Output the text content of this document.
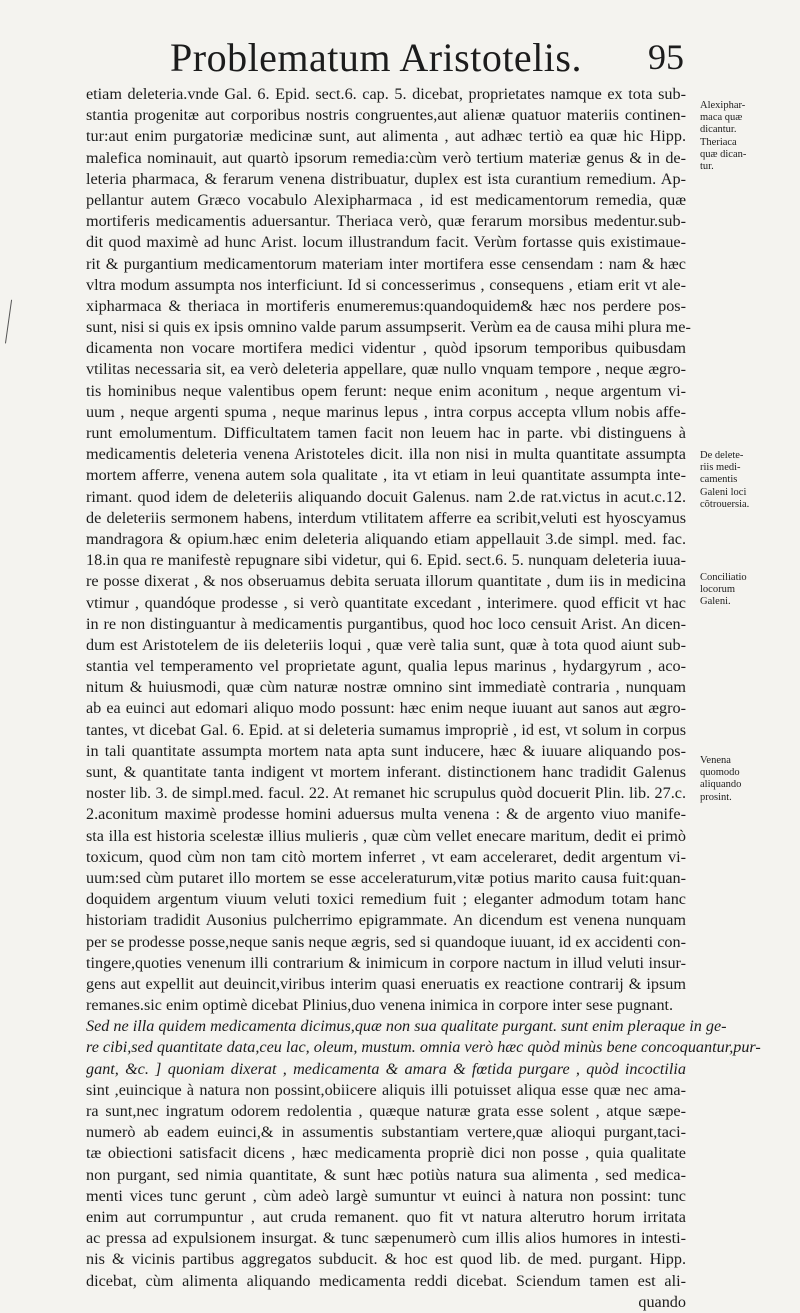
Problematum Aristotelis. 95
etiam deleteria.vnde Gal. 6. Epid. sect.6. cap. 5. dicebat, proprietates namque ex tota sub-
stantia progenitæ aut corporibus nostris congruentes,aut alienæ quatuor materiis continen-
tur:aut enim purgatoriæ medicinæ sunt, aut alimenta , aut adhæc tertiò ea quæ hic Hipp.
malefica nominauit, aut quartò ipsorum remedia:cùm verò tertium materiæ genus & in de-
leteria pharmaca, & ferarum venena distribuatur, duplex est ista curantium remedium. Ap-
pellantur autem Græco vocabulo Alexipharmaca , id est medicamentorum remedia, quæ
mortiferis medicamentis aduersantur. Theriaca verò, quæ ferarum morsibus medentur.sub-
dit quod maximè ad hunc Arist. locum illustrandum facit. Verùm fortasse quis existimaue-
rit & purgantium medicamentorum materiam inter mortifera esse censendam : nam & hæc
vltra modum assumpta nos interficiunt. Id si concesserimus , consequens , etiam erit vt ale-
xipharmaca & theriaca in mortiferis enumeremus:quandoquidem& hæc nos perdere pos-
sunt, nisi si quis ex ipsis omnino valde parum assumpserit. Verùm ea de causa mihi plura me-
dicamenta non vocare mortifera medici videntur , quòd ipsorum temporibus quibusdam
vtilitas necessaria sit, ea verò deleteria appellare, quæ nullo vnquam tempore , neque ægro-
tis hominibus neque valentibus opem ferunt: neque enim aconitum , neque argentum vi-
uum , neque argenti spuma , neque marinus lepus , intra corpus accepta vllum nobis affe-
runt emolumentum. Difficultatem tamen facit non leuem hac in parte. vbi distinguens à
medicamentis deleteria venena Aristoteles dicit. illa non nisi in multa quantitate assumpta
mortem afferre, venena autem sola qualitate , ita vt etiam in leui quantitate assumpta inte-
rimant. quod idem de deleteriis aliquando docuit Galenus. nam 2.de rat.victus in acut.c.12.
de deleteriis sermonem habens, interdum vtilitatem afferre ea scribit,veluti est hyoscyamus
mandragora & opium.hæc enim deleteria aliquando etiam appellauit 3.de simpl. med. fac.
18.in qua re manifestè repugnare sibi videtur, qui 6. Epid. sect.6. 5. nunquam deleteria iuua-
re posse dixerat , & nos obseruamus debita seruata illorum quantitate , dum iis in medicina
vtimur , quandóque prodesse , si verò quantitate excedant , interimere. quod efficit vt hac
in re non distinguantur à medicamentis purgantibus, quod hoc loco censuit Arist. An dicen-
dum est Aristotelem de iis deleteriis loqui , quæ verè talia sunt, quæ à tota quod aiunt sub-
stantia vel temperamento vel proprietate agunt, qualia lepus marinus , hydargyrum , aco-
nitum & huiusmodi, quæ cùm naturæ nostræ omnino sint immediatè contraria , nunquam
ab ea euinci aut edomari aliquo modo possunt: hæc enim neque iuuant aut sanos aut ægro-
tantes, vt dicebat Gal. 6. Epid. at si deleteria sumamus impropriè , id est, vt solum in corpus
in tali quantitate assumpta mortem nata apta sunt inducere, hæc & iuuare aliquando pos-
sunt, & quantitate tanta indigent vt mortem inferant. distinctionem hanc tradidit Galenus
noster lib. 3. de simpl.med. facul. 22. At remanet hic scrupulus quòd docuerit Plin. lib. 27.c.
2.aconitum maximè prodesse homini aduersus multa venena : & de argento viuo manife-
sta illa est historia scelestæ illius mulieris , quæ cùm vellet enecare maritum, dedit ei primò
toxicum, quod cùm non tam citò mortem inferret , vt eam acceleraret, dedit argentum vi-
uum:sed cùm putaret illo mortem se esse acceleraturum,vitæ potius marito causa fuit:quan-
doquidem argentum viuum veluti toxici remedium fuit ; eleganter admodum totam hanc
historiam tradidit Ausonius pulcherrimo epigrammate. An dicendum est venena nunquam
per se prodesse posse,neque sanis neque ægris, sed si quandoque iuuant, id ex accidenti con-
tingere,quoties venenum illi contrarium & inimicum in corpore nactum in illud veluti insur-
gens aut expellit aut deuincit,viribus interim quasi eneruatis ex reactione contrarij & ipsum
remanes.sic enim optimè dicebat Plinius,duo venena inimica in corpore inter sese pugnant.
Sed ne illa quidem medicamenta dicimus,quæ non sua qualitate purgant. sunt enim pleraque in ge-
re cibi,sed quantitate data,ceu lac, oleum, mustum. omnia verò hæc quòd minùs bene concoquantur,pur-
gant, &c. ] quoniam dixerat , medicamenta & amara & fœtida purgare , quòd incoctilia
sint ,euincique à natura non possint,obiicere aliquis illi potuisset aliqua esse quæ nec ama-
ra sunt,nec ingratum odorem redolentia , quæque naturæ grata esse solent , atque sæpe-
numerò ab eadem euinci,& in assumentis substantiam vertere,quæ alioqui purgant,taci-
tæ obiectioni satisfacit dicens , hæc medicamenta propriè dici non posse , quia qualitate
non purgant, sed nimia quantitate, & sunt hæc potiùs natura sua alimenta , sed medica-
menti vices tunc gerunt , cùm adeò largè sumuntur vt euinci à natura non possint: tunc
enim aut corrumpuntur , aut cruda remanent. quo fit vt natura alterutro horum irritata
ac pressa ad expulsionem insurgat. & tunc sæpenumerò cum illis alios humores in intesti-
nis & vicinis partibus aggregatos subducit. & hoc est quod lib. de med. purgant. Hipp.
dicebat, cùm alimenta aliquando medicamenta reddi dicebat. Sciendum tamen est ali-
quando
Alexiphar-
maca quæ
dicantur.
Theriaca
quæ dican-
tur.
De delete-
riis medi-
camentis
Galeni loci
cõtrouersia.
Conciliatio
locorum
Galeni.
Venena
quomodo
aliquando
prosint.
